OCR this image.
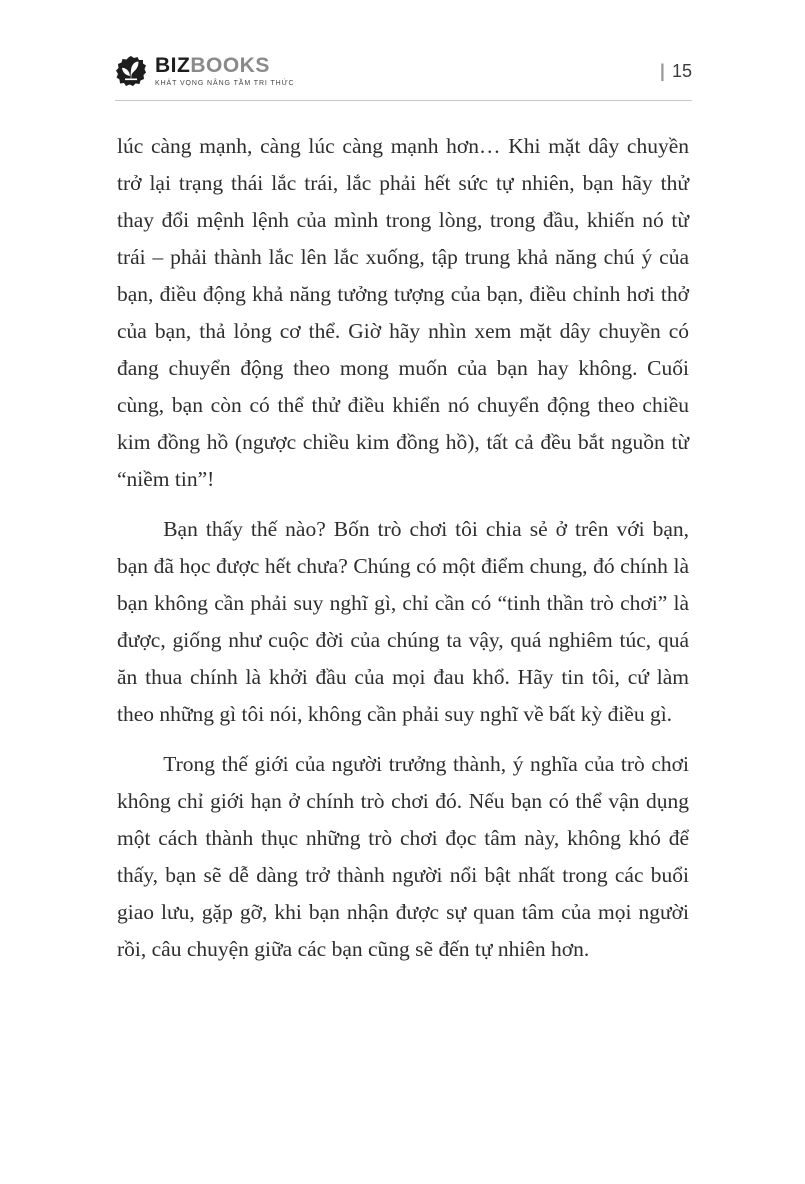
BIZBOOKS
KHÁT VỌNG NÂNG TẦM TRI THỨC
| 15

lúc càng mạnh, càng lúc càng mạnh hơn… Khi mặt dây chuyền trở lại trạng thái lắc trái, lắc phải hết sức tự nhiên, bạn hãy thử thay đổi mệnh lệnh của mình trong lòng, trong đầu, khiến nó từ trái – phải thành lắc lên lắc xuống, tập trung khả năng chú ý của bạn, điều động khả năng tưởng tượng của bạn, điều chỉnh hơi thở của bạn, thả lỏng cơ thể. Giờ hãy nhìn xem mặt dây chuyền có đang chuyển động theo mong muốn của bạn hay không. Cuối cùng, bạn còn có thể thử điều khiển nó chuyển động theo chiều kim đồng hồ (ngược chiều kim đồng hồ), tất cả đều bắt nguồn từ “niềm tin”!

Bạn thấy thế nào? Bốn trò chơi tôi chia sẻ ở trên với bạn, bạn đã học được hết chưa? Chúng có một điểm chung, đó chính là bạn không cần phải suy nghĩ gì, chỉ cần có “tinh thần trò chơi” là được, giống như cuộc đời của chúng ta vậy, quá nghiêm túc, quá ăn thua chính là khởi đầu của mọi đau khổ. Hãy tin tôi, cứ làm theo những gì tôi nói, không cần phải suy nghĩ về bất kỳ điều gì.

Trong thế giới của người trưởng thành, ý nghĩa của trò chơi không chỉ giới hạn ở chính trò chơi đó. Nếu bạn có thể vận dụng một cách thành thục những trò chơi đọc tâm này, không khó để thấy, bạn sẽ dễ dàng trở thành người nổi bật nhất trong các buổi giao lưu, gặp gỡ, khi bạn nhận được sự quan tâm của mọi người rồi, câu chuyện giữa các bạn cũng sẽ đến tự nhiên hơn.
